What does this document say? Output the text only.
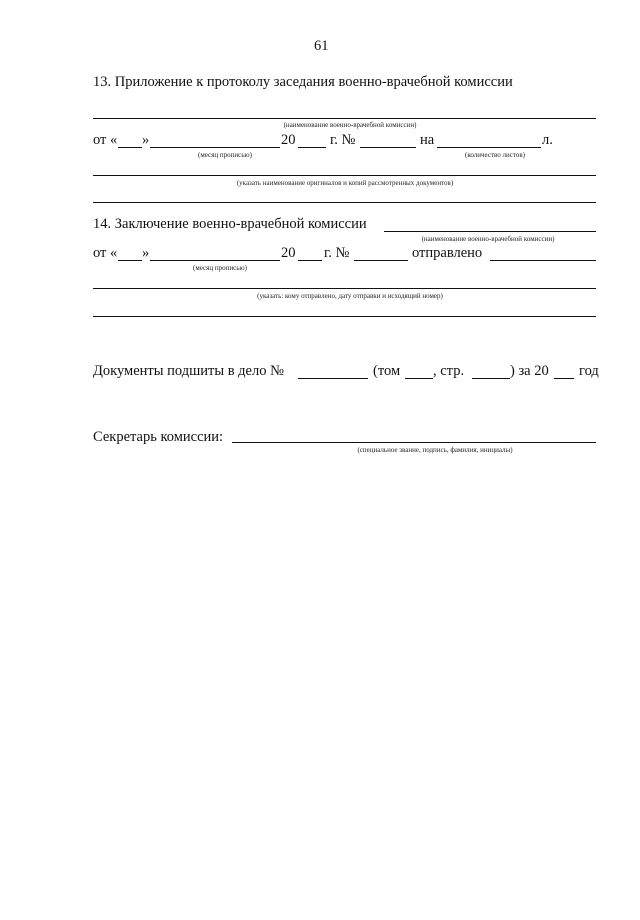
61
13. Приложение к протоколу заседания военно-врачебной комиссии
(наименование военно-врачебной комиссии)
от « »	20 г. №	на	л.
(месяц прописью)	(количество листов)
(указать наименование оригиналов и копий рассмотренных документов)
14. Заключение военно-врачебной комиссии
(наименование военно-врачебной комиссии)
от « »	20 г. №	отправлено
(месяц прописью)
(указать: кому отправлено, дату отправки и исходящий номер)
Документы подшиты в дело №	(том , стр.	) за 20 год
Секретарь комиссии:
(специальное звание, подпись, фамилия, инициалы)
